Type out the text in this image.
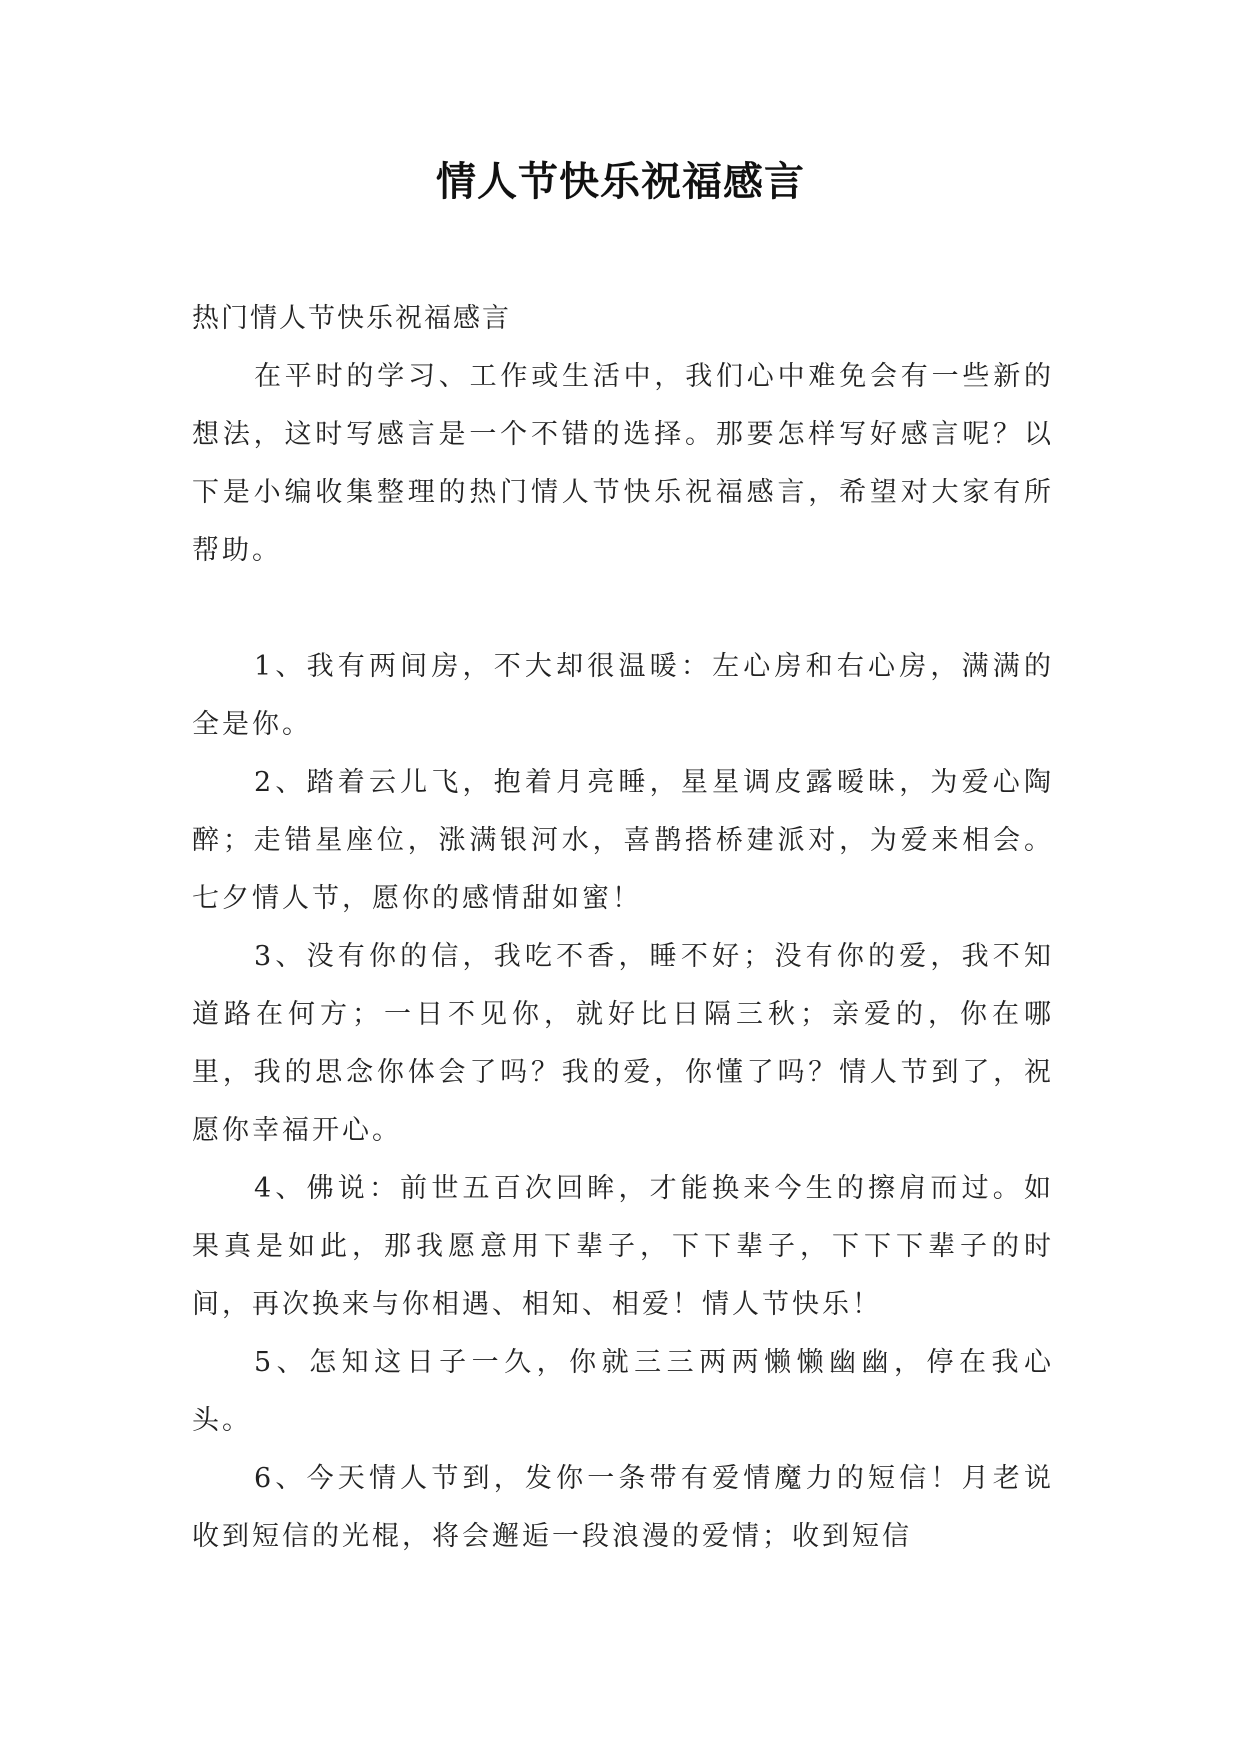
情人节快乐祝福感言

热门情人节快乐祝福感言

在平时的学习、工作或生活中，我们心中难免会有一些新的想法，这时写感言是一个不错的选择。那要怎样写好感言呢？以下是小编收集整理的热门情人节快乐祝福感言，希望对大家有所帮助。

1、我有两间房，不大却很温暖：左心房和右心房，满满的全是你。

2、踏着云儿飞，抱着月亮睡，星星调皮露暧昧，为爱心陶醉；走错星座位，涨满银河水，喜鹊搭桥建派对，为爱来相会。七夕情人节，愿你的感情甜如蜜！

3、没有你的信，我吃不香，睡不好；没有你的爱，我不知道路在何方；一日不见你，就好比日隔三秋；亲爱的，你在哪里，我的思念你体会了吗？我的爱，你懂了吗？情人节到了，祝愿你幸福开心。

4、佛说：前世五百次回眸，才能换来今生的擦肩而过。如果真是如此，那我愿意用下辈子，下下辈子，下下下辈子的时间，再次换来与你相遇、相知、相爱！情人节快乐！

5、怎知这日子一久，你就三三两两懒懒幽幽，停在我心头。

6、今天情人节到，发你一条带有爱情魔力的短信！月老说收到短信的光棍，将会邂逅一段浪漫的爱情；收到短信
